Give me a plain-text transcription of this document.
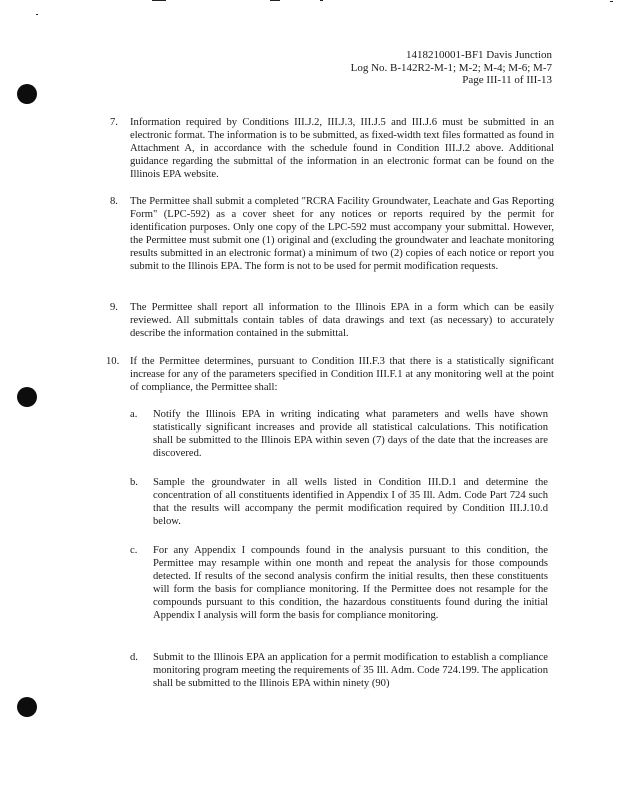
1418210001-BF1 Davis Junction
Log No. B-142R2-M-1; M-2; M-4; M-6; M-7
Page III-11 of III-13
7. Information required by Conditions III.J.2, III.J.3, III.J.5 and III.J.6 must be submitted in an electronic format. The information is to be submitted, as fixed-width text files formatted as found in Attachment A, in accordance with the schedule found in Condition III.J.2 above. Additional guidance regarding the submittal of the information in an electronic format can be found on the Illinois EPA website.
8. The Permittee shall submit a completed "RCRA Facility Groundwater, Leachate and Gas Reporting Form" (LPC-592) as a cover sheet for any notices or reports required by the permit for identification purposes. Only one copy of the LPC-592 must accompany your submittal. However, the Permittee must submit one (1) original and (excluding the groundwater and leachate monitoring results submitted in an electronic format) a minimum of two (2) copies of each notice or report you submit to the Illinois EPA. The form is not to be used for permit modification requests.
9. The Permittee shall report all information to the Illinois EPA in a form which can be easily reviewed. All submittals contain tables of data drawings and text (as necessary) to accurately describe the information contained in the submittal.
10. If the Permittee determines, pursuant to Condition III.F.3 that there is a statistically significant increase for any of the parameters specified in Condition III.F.1 at any monitoring well at the point of compliance, the Permittee shall:
a. Notify the Illinois EPA in writing indicating what parameters and wells have shown statistically significant increases and provide all statistical calculations. This notification shall be submitted to the Illinois EPA within seven (7) days of the date that the increases are discovered.
b. Sample the groundwater in all wells listed in Condition III.D.1 and determine the concentration of all constituents identified in Appendix I of 35 Ill. Adm. Code Part 724 such that the results will accompany the permit modification required by Condition III.J.10.d below.
c. For any Appendix I compounds found in the analysis pursuant to this condition, the Permittee may resample within one month and repeat the analysis for those compounds detected. If results of the second analysis confirm the initial results, then these constituents will form the basis for compliance monitoring. If the Permittee does not resample for the compounds pursuant to this condition, the hazardous constituents found during the initial Appendix I analysis will form the basis for compliance monitoring.
d. Submit to the Illinois EPA an application for a permit modification to establish a compliance monitoring program meeting the requirements of 35 Ill. Adm. Code 724.199. The application shall be submitted to the Illinois EPA within ninety (90)
